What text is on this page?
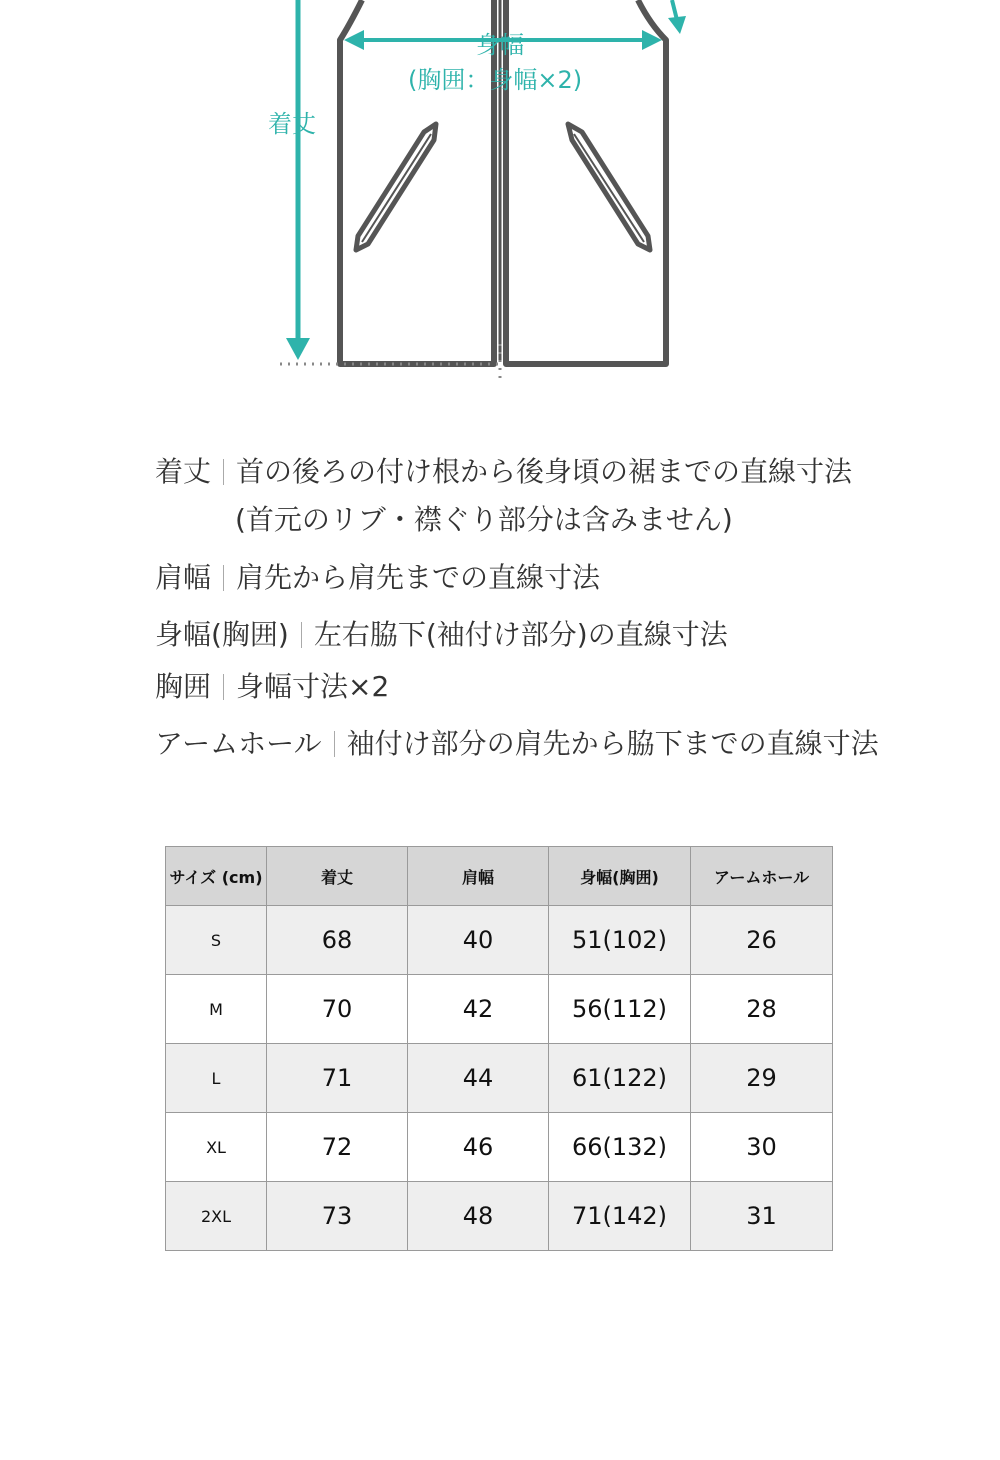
着丈
身幅
(胸囲：身幅×2)
着丈 首の後ろの付け根から後身頃の裾までの直線寸法
(首元のリブ・襟ぐり部分は含みません)
肩幅 肩先から肩先までの直線寸法
身幅(胸囲) 左右脇下(袖付け部分)の直線寸法
胸囲 身幅寸法×2
アームホール 袖付け部分の肩先から脇下までの直線寸法
サイズ (cm)	着丈	肩幅	身幅(胸囲)	アームホール
S	68	40	51(102)	26
M	70	42	56(112)	28
L	71	44	61(122)	29
XL	72	46	66(132)	30
2XL	73	48	71(142)	31
